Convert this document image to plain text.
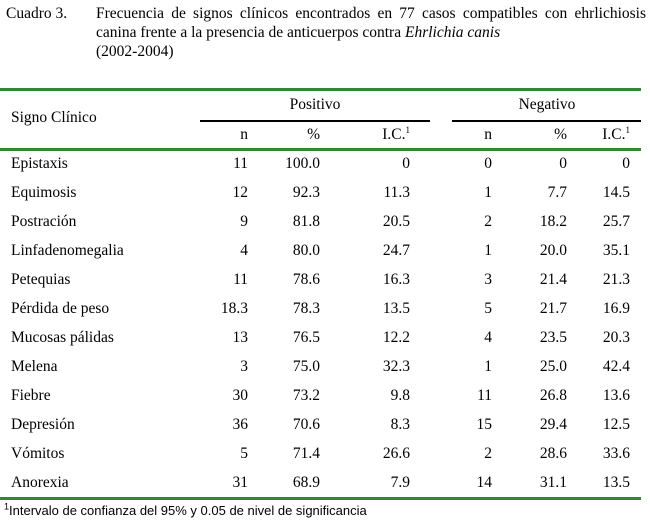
Cuadro 3. Frecuencia de signos clínicos encontrados en 77 casos compatibles con ehrlichiosis canina frente a la presencia de anticuerpos contra Ehrlichia canis
(2002-2004)
Signo Clínico
Positivo	Negativo
n	%	I.C.$^1$	n	%	I.C.$^1$
Epistaxis	11	100.0	0	0	0	0
Equimosis	12	92.3	11.3	1	7.7	14.5
Postración	9	81.8	20.5	2	18.2	25.7
Linfadenomegalia	4	80.0	24.7	1	20.0	35.1
Petequias	11	78.6	16.3	3	21.4	21.3
Pérdida de peso	18.3	78.3	13.5	5	21.7	16.9
Mucosas pálidas	13	76.5	12.2	4	23.5	20.3
Melena	3	75.0	32.3	1	25.0	42.4
Fiebre	30	73.2	9.8	11	26.8	13.6
Depresión	36	70.6	8.3	15	29.4	12.5
Vómitos	5	71.4	26.6	2	28.6	33.6
Anorexia	31	68.9	7.9	14	31.1	13.5
$^1$Intervalo de confianza del 95% y 0.05 de nivel de significancia
